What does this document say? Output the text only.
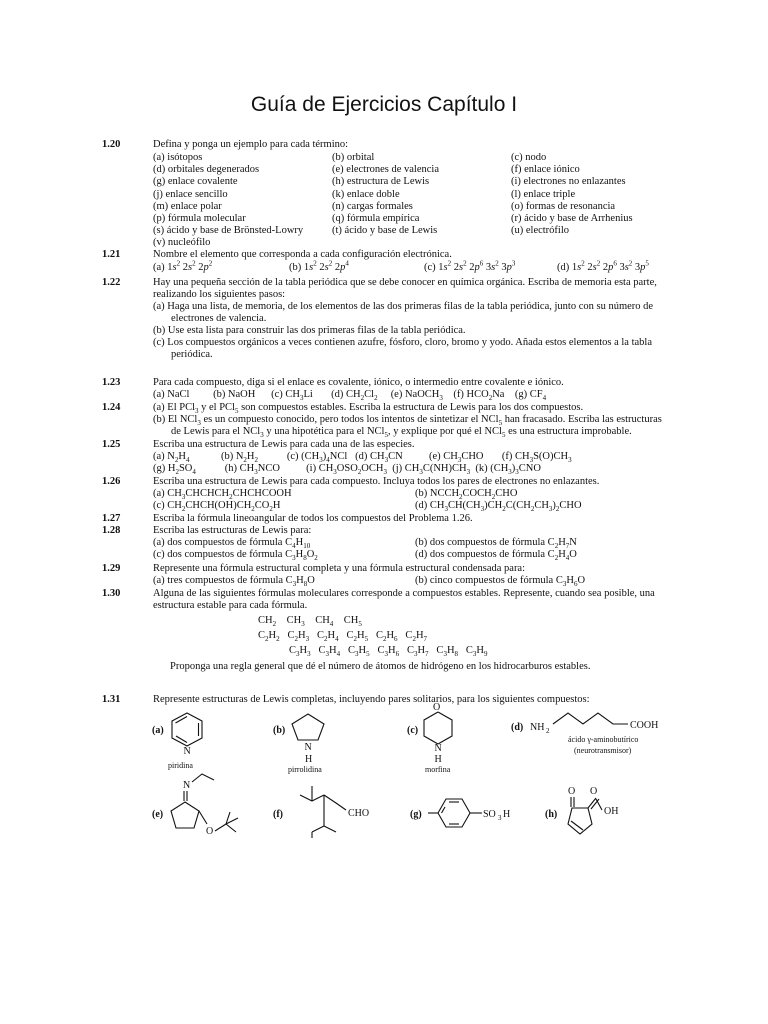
Guía de Ejercicios Capítulo I
1.20	Defina y ponga un ejemplo para cada término:
(a) isótopos	(b) orbital	(c) nodo
(d) orbitales degenerados	(e) electrones de valencia	(f) enlace iónico
(g) enlace covalente	(h) estructura de Lewis	(i) electrones no enlazantes
(j) enlace sencillo	(k) enlace doble	(l) enlace triple
(m) enlace polar	(n) cargas formales	(o) formas de resonancia
(p) fórmula molecular	(q) fórmula empírica	(r) ácido y base de Arrhenius
(s) ácido y base de Brönsted-Lowry	(t) ácido y base de Lewis	(u) electrófilo
(v) nucleófilo
1.21	Nombre el elemento que corresponda a cada configuración electrónica.
(a) $1s^2$ $2s^2$ $2p^2$	(b) $1s^2$ $2s^2$ $2p^4$	(c) $1s^2$ $2s^2$ $2p^6$ $3s^2$ $3p^3$	(d) $1s^2$ $2s^2$ $2p^6$ $3s^2$ $3p^5$
1.22	Hay una pequeña sección de la tabla periódica que se debe conocer en química orgánica. Escriba de memoria esta parte,
realizando los siguientes pasos:
(a) Haga una lista, de memoria, de los elementos de las dos primeras filas de la tabla periódica, junto con su número de
electrones de valencia.
(b) Use esta lista para construir las dos primeras filas de la tabla periódica.
(c) Los compuestos orgánicos a veces contienen azufre, fósforo, cloro, bromo y yodo. Añada estos elementos a la tabla
periódica.
1.23	Para cada compuesto, diga si el enlace es covalente, iónico, o intermedio entre covalente e iónico.
(a) NaCl         (b) NaOH      (c) $CH_3Li$       (d) $CH_2Cl_2$     (e) NaOCH$_3$    (f) $HCO_2Na$    (g) $CF_4$
1.24	(a) El PCl$_3$ y el PCl$_5$ son compuestos estables. Escriba la estructura de Lewis para los dos compuestos.
(b) El NCl$_3$ es un compuesto conocido, pero todos los intentos de sintetizar el NCl$_5$ han fracasado. Escriba las estructuras
de Lewis para el NCl$_3$ y una hipotética para el NCl$_5$, y explique por qué el NCl$_5$ es una estructura improbable.
1.25	Escriba una estructura de Lewis para cada una de las especies.
(a) $N_2H_4$            (b) $N_2H_2$           (c) $(CH_3)_4NCl$   (d) $CH_3CN$          (e) $CH_3CHO$       (f) $CH_3S(O)CH_3$
(g) $H_2SO_4$           (h) $CH_3NCO$          (i) $CH_3OSO_2OCH_3$  (j) $CH_3C(NH)CH_3$  (k) $(CH_3)_3CNO$
1.26	Escriba una estructura de Lewis para cada compuesto. Incluya todos los pares de electrones no enlazantes.
(a) $CH_3CHCHCH_2CHCHCOOH$	(b) $NCCH_2COCH_2CHO$
(c) $CH_2CHCH(OH)CH_2CO_2H$	(d) $CH_3CH(CH_3)CH_2C(CH_2CH_3)_2CHO$
1.27	Escriba la fórmula lineoangular de todos los compuestos del Problema 1.26.
1.28	Escriba las estructuras de Lewis para:
(a) dos compuestos de fórmula $C_4H_{10}$	(b) dos compuestos de fórmula $C_2H_7N$
(c) dos compuestos de fórmula $C_3H_8O_2$	(d) dos compuestos de fórmula $C_2H_4O$
1.29	Represente una fórmula estructural completa y una fórmula estructural condensada para:
(a) tres compuestos de fórmula $C_3H_8O$	(b) cinco compuestos de fórmula $C_3H_6O$
1.30	Alguna de las siguientes fórmulas moleculares corresponde a compuestos estables. Represente, cuando sea posible, una
estructura estable para cada fórmula.
$CH_2$    $CH_3$    $CH_4$    $CH_5$
$C_2H_2$   $C_2H_3$   $C_2H_4$   $C_2H_5$   $C_2H_6$   $C_2H_7$
$C_3H_3$   $C_3H_4$   $C_3H_5$   $C_3H_6$   $C_3H_7$   $C_3H_8$   $C_3H_9$
Proponga una regla general que dé el número de átomos de hidrógeno en los hidrocarburos estables.
1.31	Represente estructuras de Lewis completas, incluyendo pares solitarios, para los siguientes compuestos:
(a)
N
piridina
(b)
N
H
pirrolidina
(c)
O
N
H
morfina
(d) NH 2	COOH
ácido γ-aminobutírico
(neurotransmisor)
(e)
N
O
(f)	CHO	(g)	SO 3 H	(h)
O O
OH
